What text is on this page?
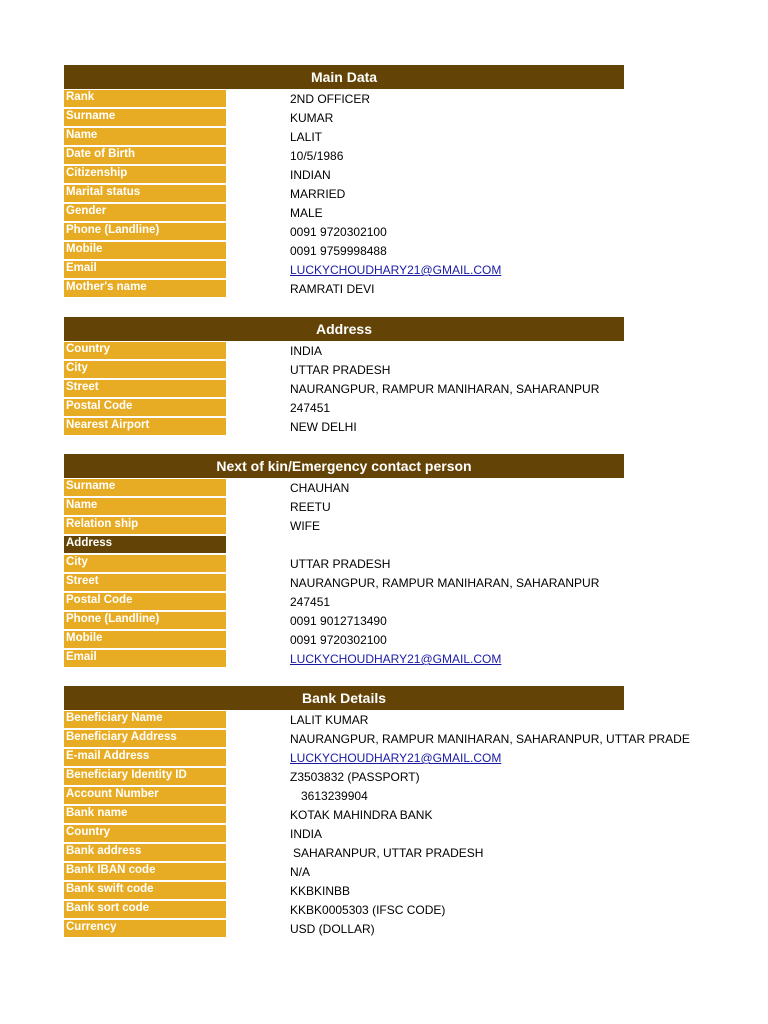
Main Data
Rank	2ND OFFICER
Surname	KUMAR
Name	LALIT
Date of Birth	10/5/1986
Citizenship	INDIAN
Marital status	MARRIED
Gender	MALE
Phone (Landline)	0091 9720302100
Mobile	0091 9759998488
Email	LUCKYCHOUDHARY21@GMAIL.COM
Mother's name	RAMRATI DEVI
Address
Country	INDIA
City	UTTAR PRADESH
Street	NAURANGPUR, RAMPUR MANIHARAN, SAHARANPUR
Postal Code	247451
Nearest Airport	NEW DELHI
Next of kin/Emergency contact person
Surname	CHAUHAN
Name	REETU
Relation ship	WIFE
Address
City	UTTAR PRADESH
Street	NAURANGPUR, RAMPUR MANIHARAN, SAHARANPUR
Postal Code	247451
Phone (Landline)	0091 9012713490
Mobile	0091 9720302100
Email	LUCKYCHOUDHARY21@GMAIL.COM
Bank Details
Beneficiary Name	LALIT KUMAR
Beneficiary Address	NAURANGPUR, RAMPUR MANIHARAN, SAHARANPUR, UTTAR PRADE
E-mail Address	LUCKYCHOUDHARY21@GMAIL.COM
Beneficiary Identity ID	Z3503832 (PASSPORT)
Account Number	3613239904
Bank name	KOTAK MAHINDRA BANK
Country	INDIA
Bank address	SAHARANPUR, UTTAR PRADESH
Bank IBAN code	N/A
Bank swift code	KKBKINBB
Bank sort code	KKBK0005303 (IFSC CODE)
Currency	USD (DOLLAR)
